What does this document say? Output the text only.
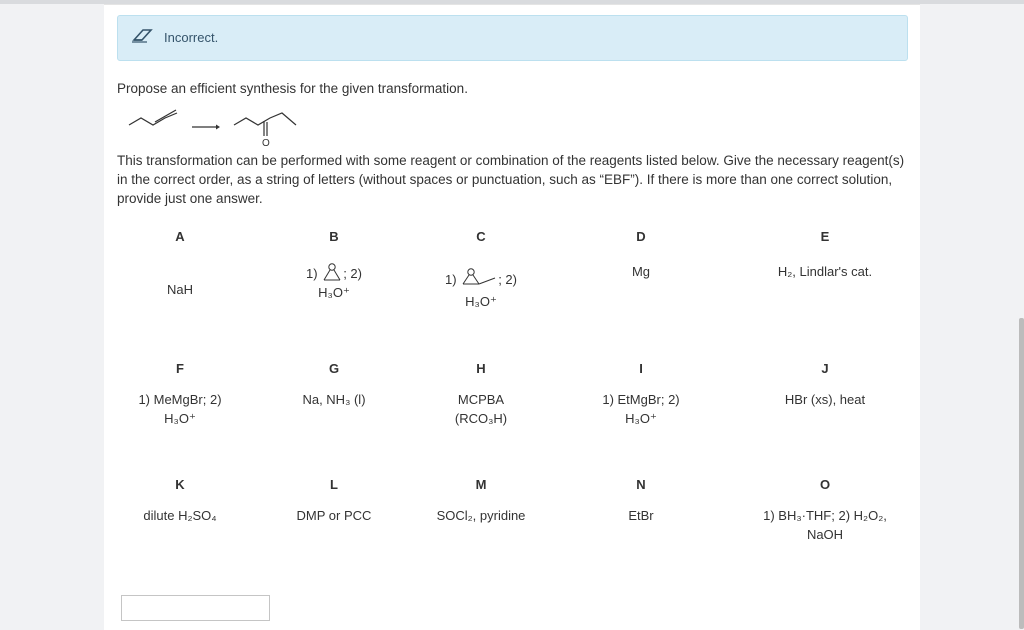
Incorrect.
Propose an efficient synthesis for the given transformation.
O
This transformation can be performed with some reagent or combination of the reagents listed below. Give the necessary reagent(s) in the correct order, as a string of letters (without spaces or punctuation, such as “EBF”). If there is more than one correct solution, provide just one answer.
A
NaH
B
1) ; 2)
H₃O⁺
C
1)	; 2)
H₃O⁺
D
Mg
E
H₂, Lindlar's cat.
F
1) MeMgBr; 2)
H₃O⁺
G
Na, NH₃ (l)
H
MCPBA
(RCO₃H)
I
1) EtMgBr; 2)
H₃O⁺
J
HBr (xs), heat
K
dilute H₂SO₄
L
DMP or PCC
M
SOCl₂, pyridine
N
EtBr
O
1) BH₃·THF; 2) H₂O₂,
NaOH
